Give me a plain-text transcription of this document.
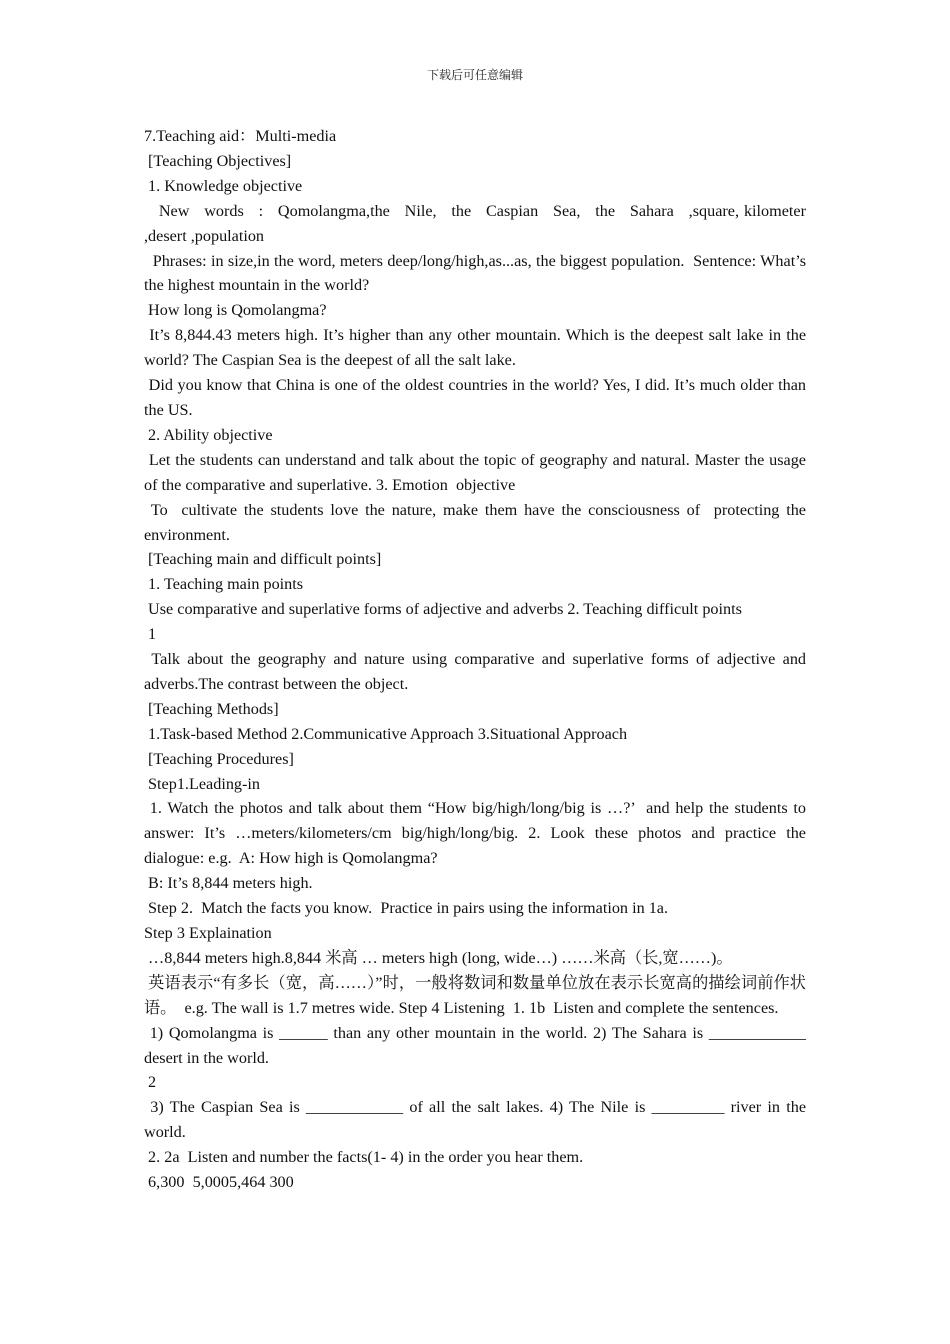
下载后可任意编辑

7.Teaching aid：Multi-media

[Teaching Objectives]

1. Knowledge objective

New   words   :   Qomolangma,the   Nile,   the   Caspian   Sea,   the   Sahara   ,square, kilometer ,desert ,population

Phrases: in size,in the word, meters deep/long/high,as...as, the biggest population.  Sentence: What’s the highest mountain in the world?

How long is Qomolangma?

It’s 8,844.43 meters high. It’s higher than any other mountain. Which is the deepest salt lake in the world? The Caspian Sea is the deepest of all the salt lake.

Did you know that China is one of the oldest countries in the world? Yes, I did. It’s much older than the US.

2. Ability objective

Let the students can understand and talk about the topic of geography and natural. Master the usage of the comparative and superlative. 3. Emotion  objective

To  cultivate the students love the nature, make them have the consciousness of  protecting the environment.

[Teaching main and difficult points]

1. Teaching main points

Use comparative and superlative forms of adjective and adverbs 2. Teaching difficult points

1

Talk about the geography and nature using comparative and superlative forms of adjective and adverbs.The contrast between the object.

[Teaching Methods]

1.Task-based Method 2.Communicative Approach 3.Situational Approach

[Teaching Procedures]

Step1.Leading-in

1. Watch the photos and talk about them “How big/high/long/big is …?’  and help the students to answer: It’s …meters/kilometers/cm big/high/long/big. 2. Look these photos and practice the dialogue: e.g.  A: How high is Qomolangma?

B: It’s 8,844 meters high.

Step 2.  Match the facts you know.  Practice in pairs using the information in 1a.

Step 3 Explaination

…8,844 meters high.8,844 米高 … meters high (long, wide…) ……米高（长,宽……)。

英语表示“有多长（宽，高……）”时，一般将数词和数量单位放在表示长宽高的描绘词前作状语。  e.g. The wall is 1.7 metres wide. Step 4 Listening  1. 1b  Listen and complete the sentences.

1) Qomolangma is ______ than any other mountain in the world. 2) The Sahara is ____________ desert in the world.

2

3) The Caspian Sea is ____________ of all the salt lakes. 4) The Nile is _________ river in the world.

2. 2a  Listen and number the facts(1- 4) in the order you hear them.

6,300  5,0005,464 300
